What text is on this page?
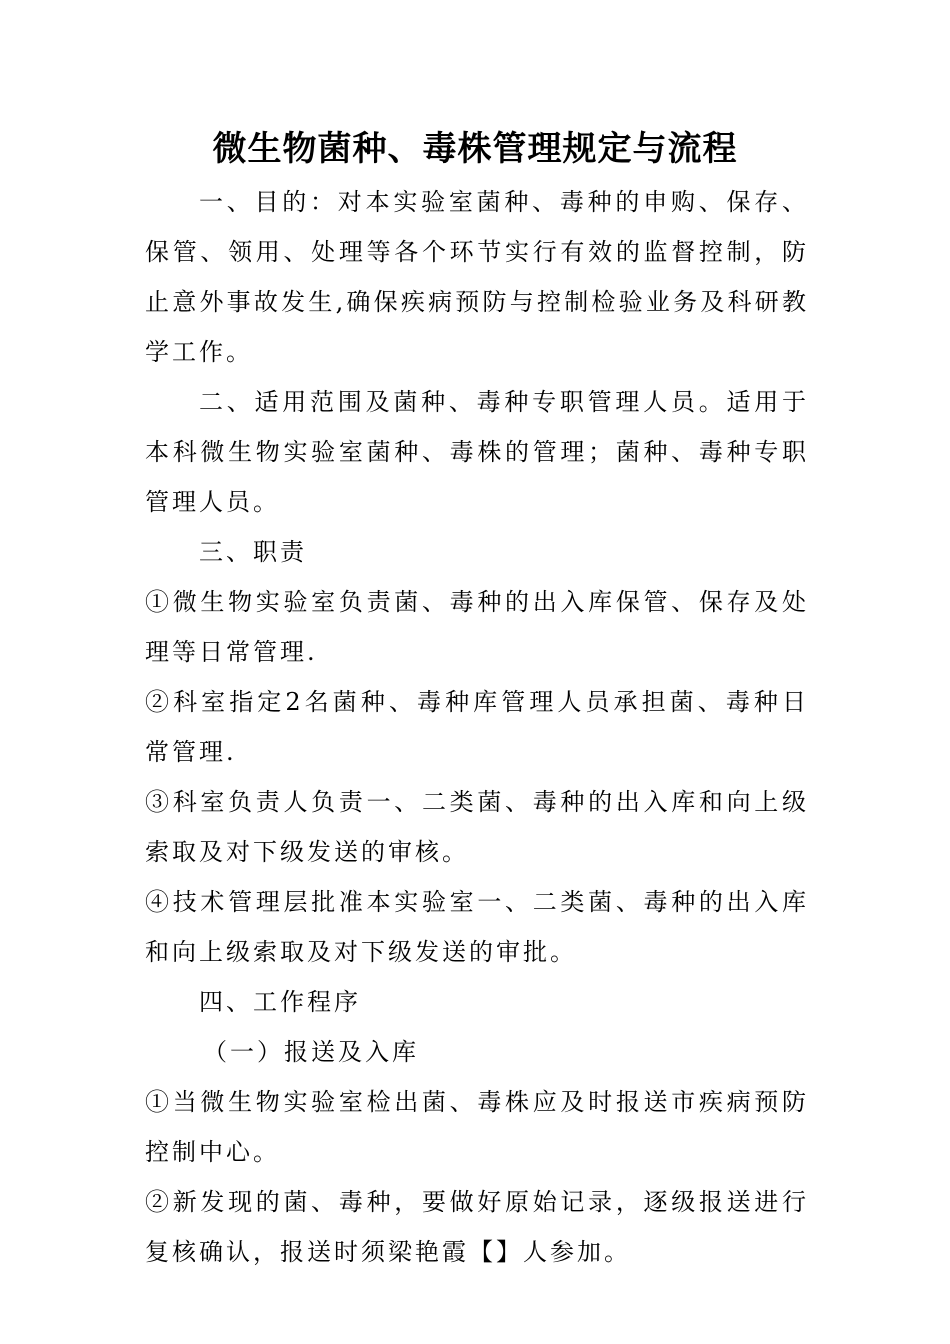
微生物菌种、毒株管理规定与流程

一、目的：对本实验室菌种、毒种的申购、保存、保管、领用、处理等各个环节实行有效的监督控制，防止意外事故发生,确保疾病预防与控制检验业务及科研教学工作。

二、适用范围及菌种、毒种专职管理人员。适用于本科微生物实验室菌种、毒株的管理；菌种、毒种专职管理人员。

三、职责

①微生物实验室负责菌、毒种的出入库保管、保存及处理等日常管理.

②科室指定2名菌种、毒种库管理人员承担菌、毒种日常管理.

③科室负责人负责一、二类菌、毒种的出入库和向上级索取及对下级发送的审核。

④技术管理层批准本实验室一、二类菌、毒种的出入库和向上级索取及对下级发送的审批。

四、工作程序

（一）报送及入库

①当微生物实验室检出菌、毒株应及时报送市疾病预防控制中心。

②新发现的菌、毒种，要做好原始记录，逐级报送进行复核确认，报送时须梁艳霞【】人参加。
